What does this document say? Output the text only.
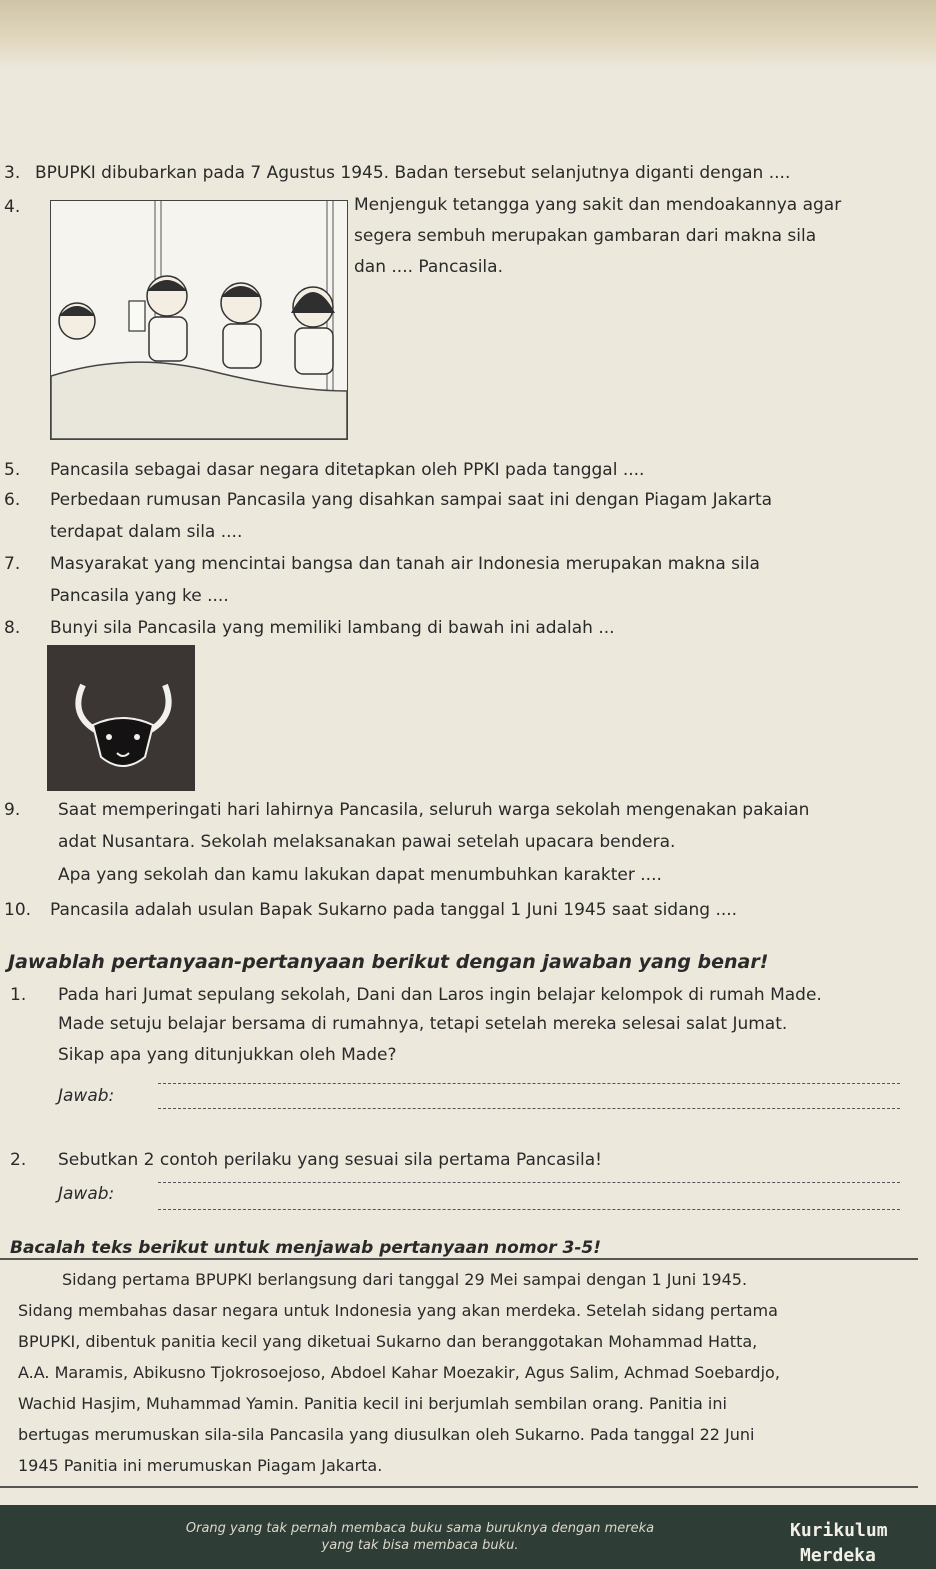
3. BPUPKI dibubarkan pada 7 Agustus 1945. Badan tersebut selanjutnya diganti dengan ....
4.	Menjenguk tetangga yang sakit dan mendoakannya agar
segera sembuh merupakan gambaran dari makna sila
dan .... Pancasila.
5. Pancasila sebagai dasar negara ditetapkan oleh PPKI pada tanggal ....
6. Perbedaan rumusan Pancasila yang disahkan sampai saat ini dengan Piagam Jakarta
terdapat dalam sila ....
7. Masyarakat yang mencintai bangsa dan tanah air Indonesia merupakan makna sila
Pancasila yang ke ....
8. Bunyi sila Pancasila yang memiliki lambang di bawah ini adalah ...
9. Saat memperingati hari lahirnya Pancasila, seluruh warga sekolah mengenakan pakaian
adat Nusantara. Sekolah melaksanakan pawai setelah upacara bendera.
Apa yang sekolah dan kamu lakukan dapat menumbuhkan karakter ....
10. Pancasila adalah usulan Bapak Sukarno pada tanggal 1 Juni 1945 saat sidang ....
Jawablah pertanyaan-pertanyaan berikut dengan jawaban yang benar!
1. Pada hari Jumat sepulang sekolah, Dani dan Laros ingin belajar kelompok di rumah Made.
Made setuju belajar bersama di rumahnya, tetapi setelah mereka selesai salat Jumat.
Sikap apa yang ditunjukkan oleh Made?
Jawab:
2. Sebutkan 2 contoh perilaku yang sesuai sila pertama Pancasila!
Jawab:
Bacalah teks berikut untuk menjawab pertanyaan nomor 3-5!
Sidang pertama BPUPKI berlangsung dari tanggal 29 Mei sampai dengan 1 Juni 1945.
Sidang membahas dasar negara untuk Indonesia yang akan merdeka. Setelah sidang pertama
BPUPKI, dibentuk panitia kecil yang diketuai Sukarno dan beranggotakan Mohammad Hatta,
A.A. Maramis, Abikusno Tjokrosoejoso, Abdoel Kahar Moezakir, Agus Salim, Achmad Soebardjo,
Wachid Hasjim, Muhammad Yamin. Panitia kecil ini berjumlah sembilan orang. Panitia ini
bertugas merumuskan sila-sila Pancasila yang diusulkan oleh Sukarno. Pada tanggal 22 Juni
1945 Panitia ini merumuskan Piagam Jakarta.
Orang yang tak pernah membaca buku sama buruknya dengan mereka
yang tak bisa membaca buku.
Kurikulum
Merdeka
